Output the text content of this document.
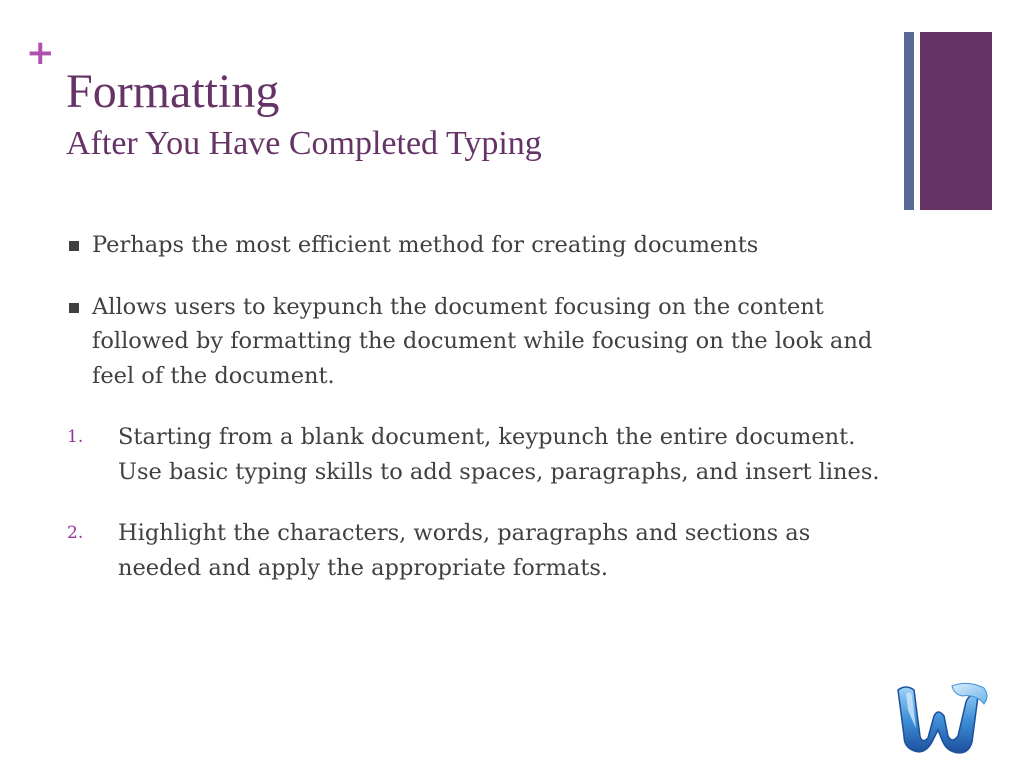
+
Formatting
After You Have Completed Typing
Perhaps the most efficient method for creating documents
Allows users to keypunch the document focusing on the content followed by formatting the document while focusing on the look and feel of the document.
1. Starting from a blank document, keypunch the entire document. Use basic typing skills to add spaces, paragraphs, and insert lines.
2. Highlight the characters, words, paragraphs and sections as needed and apply the appropriate formats.
